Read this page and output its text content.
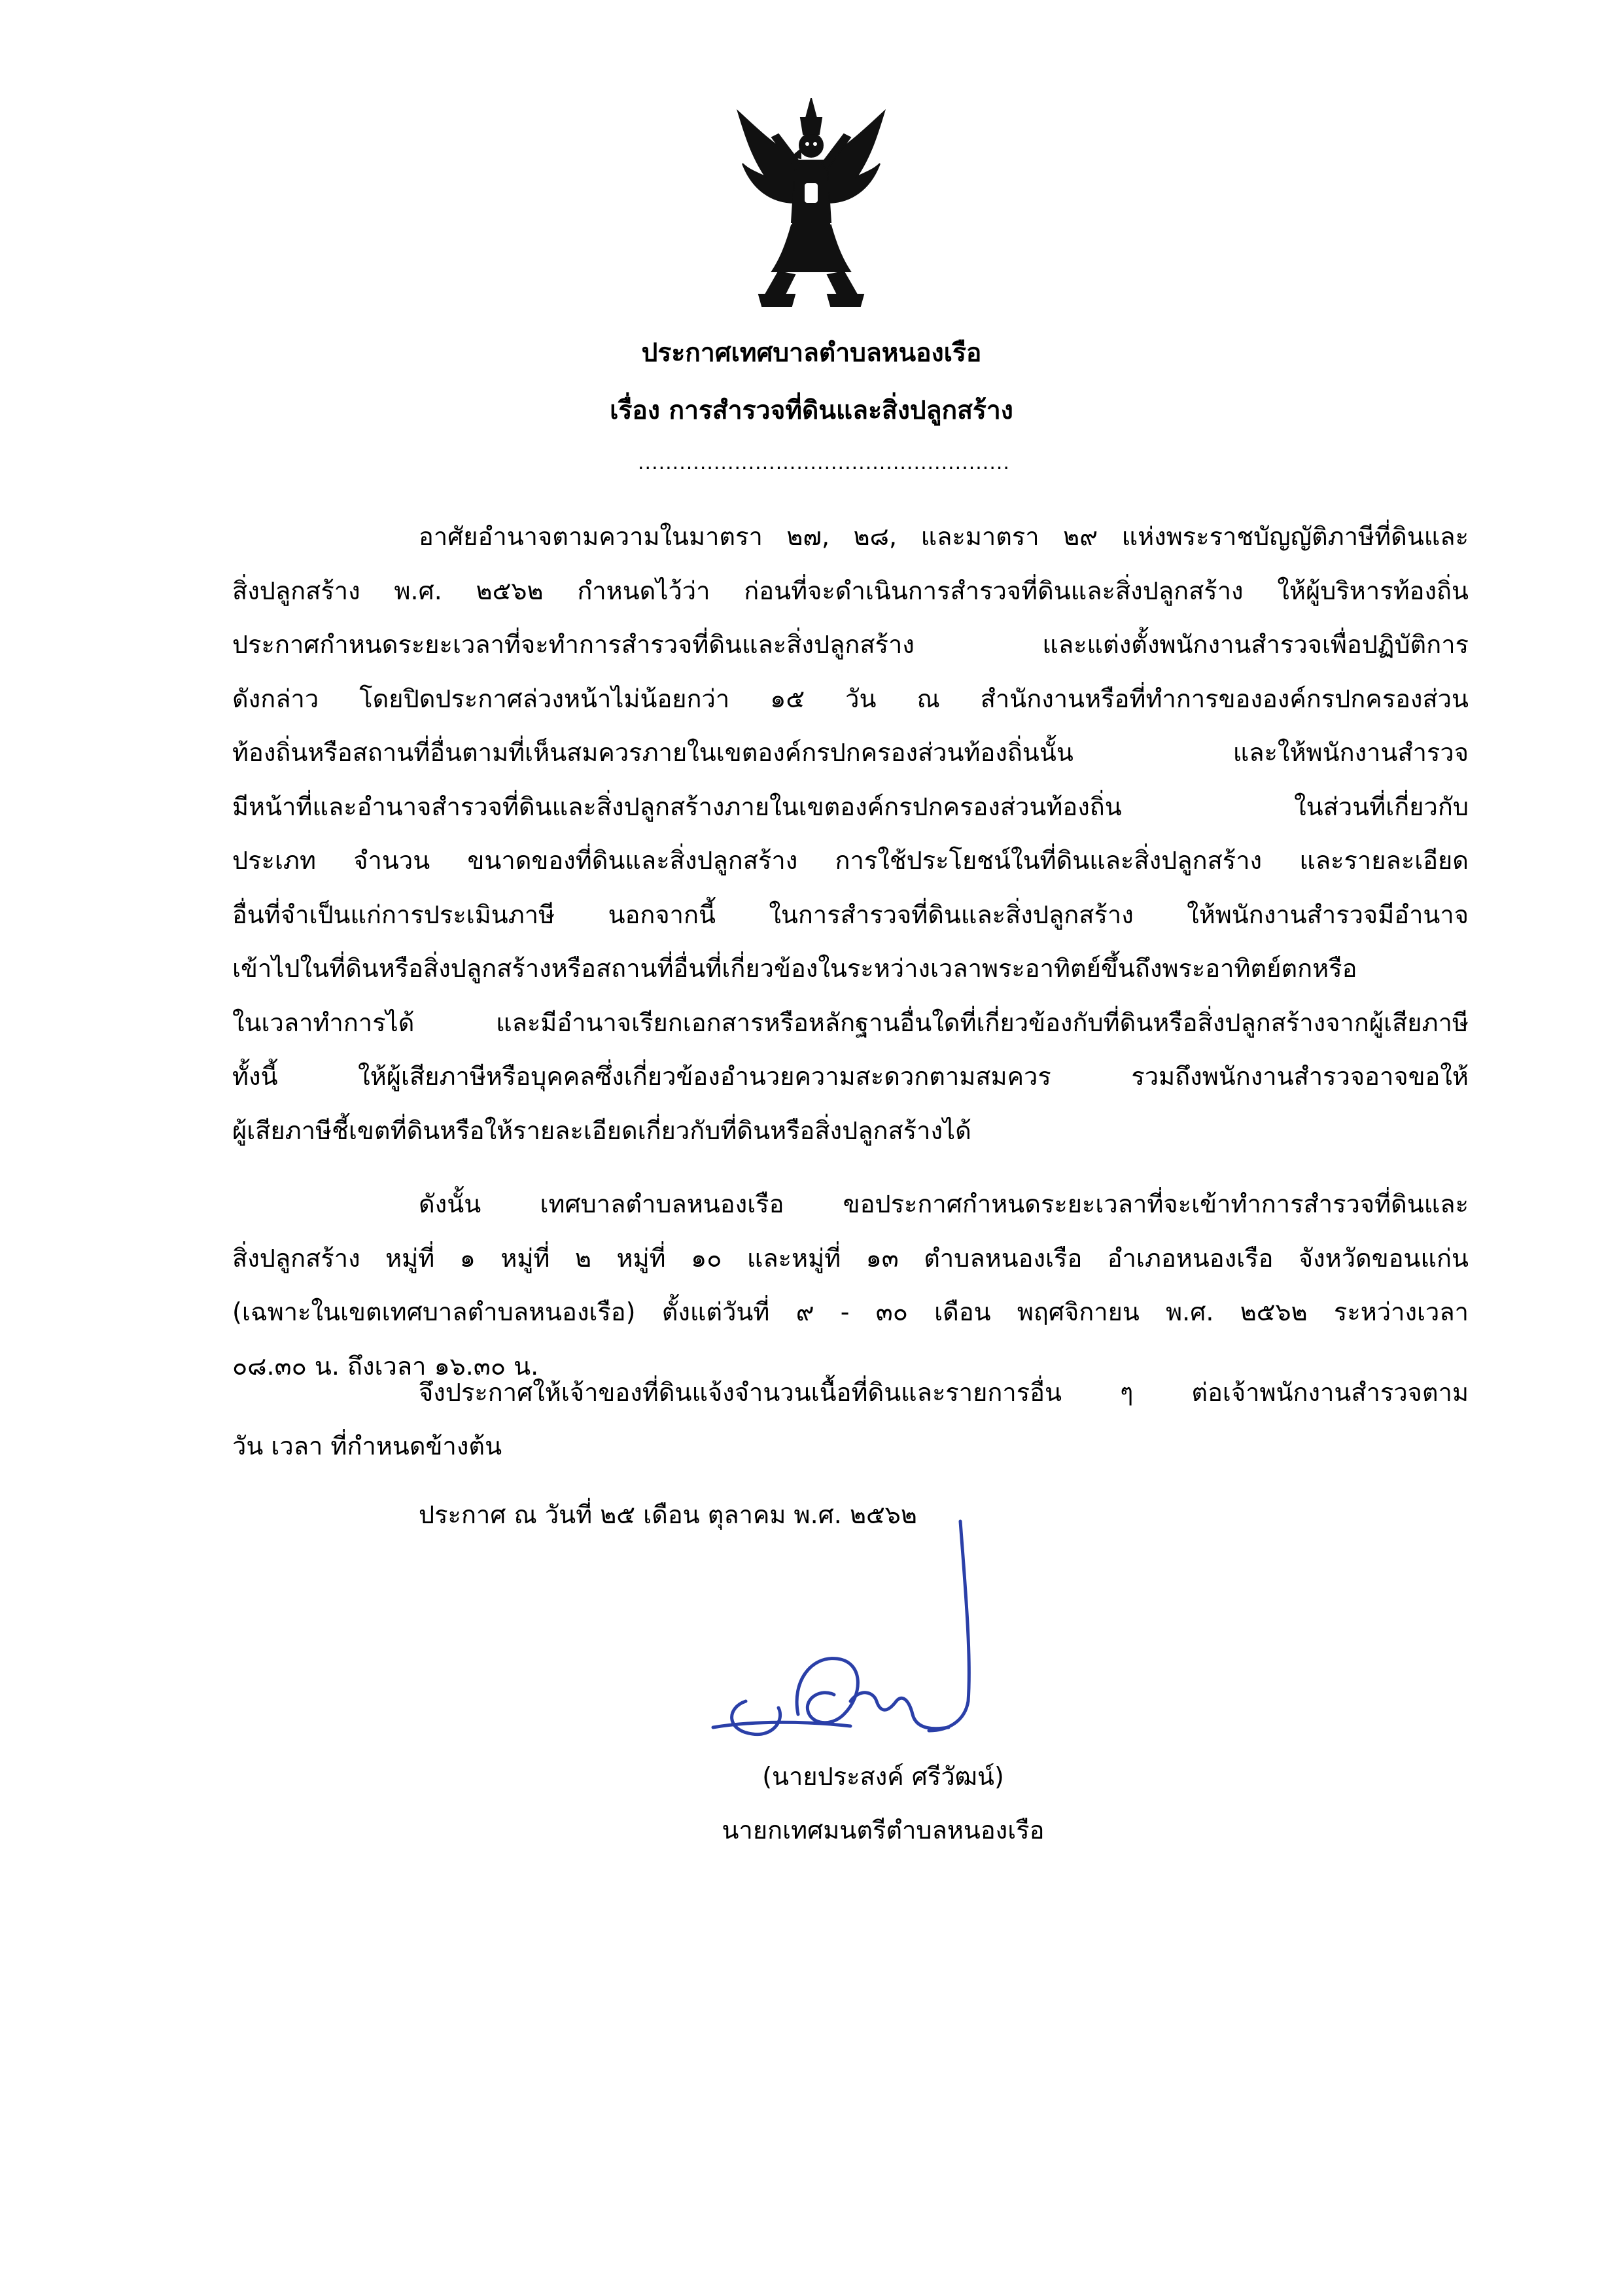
ประกาศเทศบาลตำบลหนองเรือ
เรื่อง การสำรวจที่ดินและสิ่งปลูกสร้าง
......................................................
อาศัยอำนาจตามความในมาตรา ๒๗, ๒๘, และมาตรา ๒๙ แห่งพระราชบัญญัติภาษีที่ดินและ
สิ่งปลูกสร้าง พ.ศ. ๒๕๖๒ กำหนดไว้ว่า ก่อนที่จะดำเนินการสำรวจที่ดินและสิ่งปลูกสร้าง ให้ผู้บริหารท้องถิ่น
ประกาศกำหนดระยะเวลาที่จะทำการสำรวจที่ดินและสิ่งปลูกสร้าง และแต่งตั้งพนักงานสำรวจเพื่อปฏิบัติการ
ดังกล่าว โดยปิดประกาศล่วงหน้าไม่น้อยกว่า ๑๕ วัน ณ สำนักงานหรือที่ทำการขององค์กรปกครองส่วน
ท้องถิ่นหรือสถานที่อื่นตามที่เห็นสมควรภายในเขตองค์กรปกครองส่วนท้องถิ่นนั้น และให้พนักงานสำรวจ
มีหน้าที่และอำนาจสำรวจที่ดินและสิ่งปลูกสร้างภายในเขตองค์กรปกครองส่วนท้องถิ่น ในส่วนที่เกี่ยวกับ
ประเภท จำนวน ขนาดของที่ดินและสิ่งปลูกสร้าง การใช้ประโยชน์ในที่ดินและสิ่งปลูกสร้าง และรายละเอียด
อื่นที่จำเป็นแก่การประเมินภาษี นอกจากนี้ ในการสำรวจที่ดินและสิ่งปลูกสร้าง ให้พนักงานสำรวจมีอำนาจ
เข้าไปในที่ดินหรือสิ่งปลูกสร้างหรือสถานที่อื่นที่เกี่ยวข้องในระหว่างเวลาพระอาทิตย์ขึ้นถึงพระอาทิตย์ตกหรือ
ในเวลาทำการได้ และมีอำนาจเรียกเอกสารหรือหลักฐานอื่นใดที่เกี่ยวข้องกับที่ดินหรือสิ่งปลูกสร้างจากผู้เสียภาษี
ทั้งนี้ ให้ผู้เสียภาษีหรือบุคคลซึ่งเกี่ยวข้องอำนวยความสะดวกตามสมควร รวมถึงพนักงานสำรวจอาจขอให้
ผู้เสียภาษีชี้เขตที่ดินหรือให้รายละเอียดเกี่ยวกับที่ดินหรือสิ่งปลูกสร้างได้
ดังนั้น เทศบาลตำบลหนองเรือ ขอประกาศกำหนดระยะเวลาที่จะเข้าทำการสำรวจที่ดินและ
สิ่งปลูกสร้าง หมู่ที่ ๑ หมู่ที่ ๒ หมู่ที่ ๑๐ และหมู่ที่ ๑๓ ตำบลหนองเรือ อำเภอหนองเรือ จังหวัดขอนแก่น
(เฉพาะในเขตเทศบาลตำบลหนองเรือ) ตั้งแต่วันที่ ๙ - ๓๐ เดือน พฤศจิกายน พ.ศ. ๒๕๖๒ ระหว่างเวลา
๐๘.๓๐ น. ถึงเวลา ๑๖.๓๐ น.
จึงประกาศให้เจ้าของที่ดินแจ้งจำนวนเนื้อที่ดินและรายการอื่น ๆ ต่อเจ้าพนักงานสำรวจตาม
วัน เวลา ที่กำหนดข้างต้น
ประกาศ ณ วันที่ ๒๕ เดือน ตุลาคม พ.ศ. ๒๕๖๒
(นายประสงค์ ศรีวัฒน์)
นายกเทศมนตรีตำบลหนองเรือ
